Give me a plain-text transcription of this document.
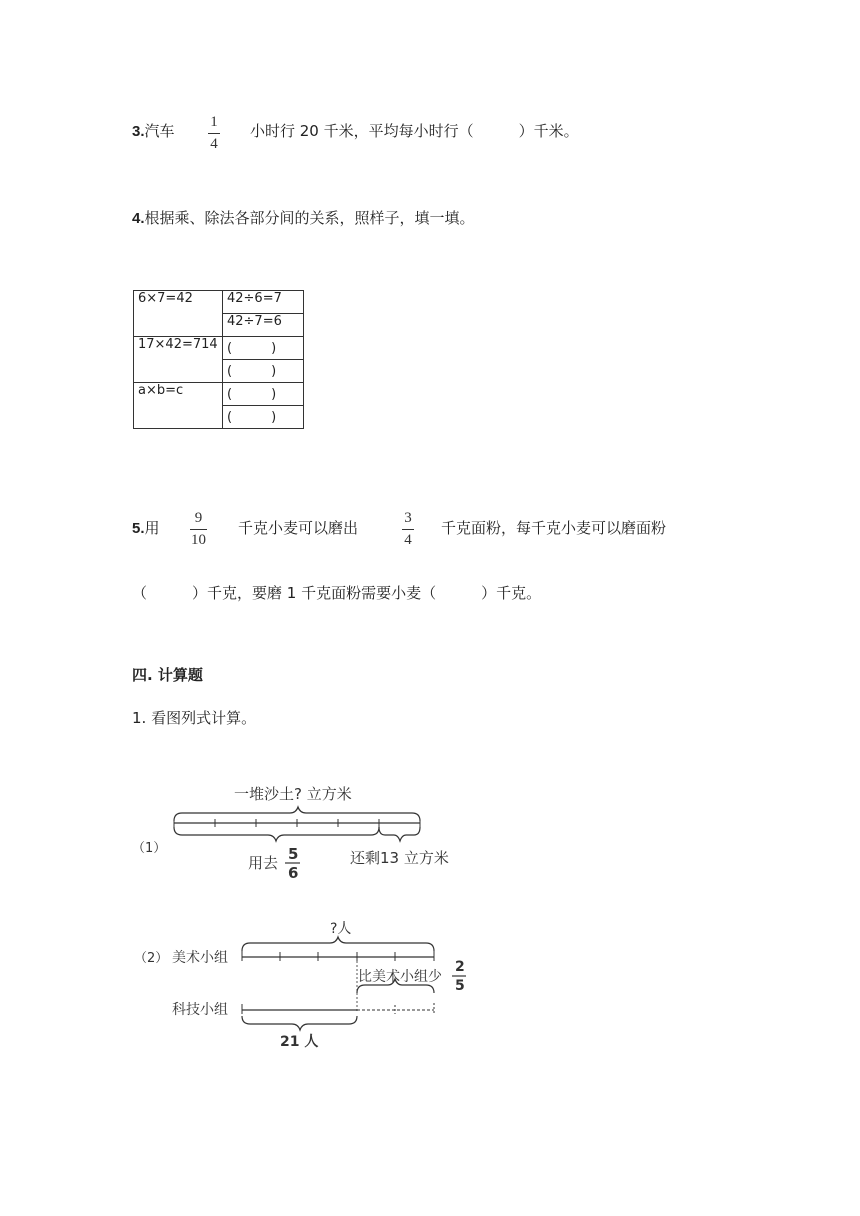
3.汽车 1
4
小时行 20 千米，平均每小时行（　　　）千米。
4.根据乘、除法各部分间的关系，照样子，填一填。
6×7=42	42÷6=7
	42÷7=6
17×42=714	(　　　)
	(　　　)
a×b=c	(　　　)
	(　　　)
5.用
9
10
千克小麦可以磨出
3
4
千克面粉，每千克小麦可以磨面粉
（　　　）千克，要磨 1 千克面粉需要小麦（　　　）千克。
四. 计算题
1. 看图列式计算。
一堆沙土? 立方米
（1）
用去 5
6
还剩13 立方米
?人
（2） 美术小组
比美术小组少
2
5
科技小组
21 人
